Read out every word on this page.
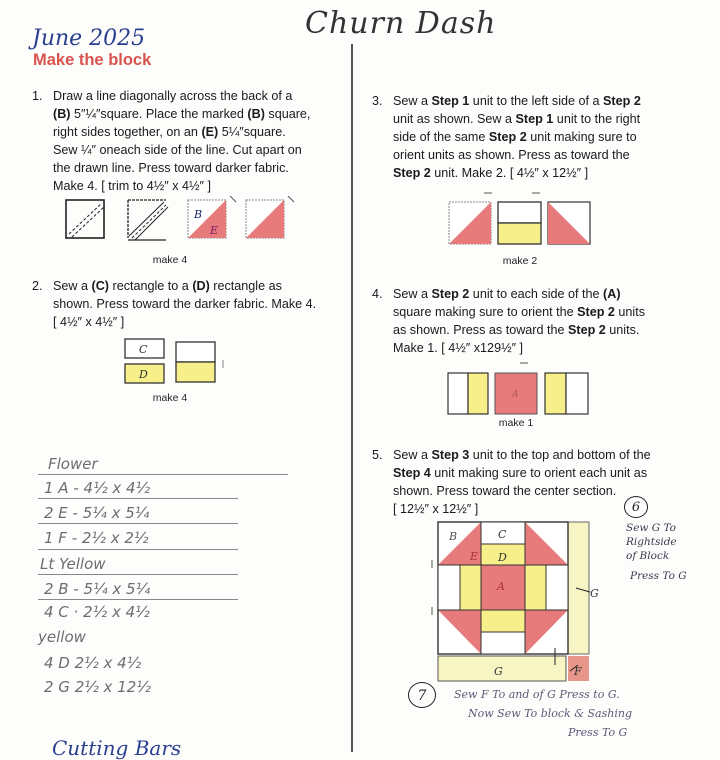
June 2025	Churn Dash
Make the block
1. Draw a line diagonally across the back of a
(B) 5″¼″square. Place the marked (B) square,
right sides together, on an (E) 5¼″square.
Sew ¼″ oneach side of the line. Cut apart on
the drawn line. Press toward darker fabric.
Make 4. [ trim to 4½″ x 4½″ ]
B
E
make 4
2. Sew a (C) rectangle to a (D) rectangle as
shown. Press toward the darker fabric. Make 4.
[ 4½″ x 4½″ ]
C
D
make 4
Flower
1 A - 4½ x 4½
2 E - 5¼ x 5¼
1 F - 2½ x 2½
Lt Yellow
2 B - 5¼ x 5¼
4 C · 2½ x 4½
yellow
4 D 2½ x 4½
2 G 2½ x 12½
Cutting Bars
3. Sew a Step 1 unit to the left side of a Step 2
unit as shown. Sew a Step 1 unit to the right
side of the same Step 2 unit making sure to
orient units as shown. Press as toward the
Step 2 unit. Make 2. [ 4½″ x 12½″ ]
make 2
4. Sew a Step 2 unit to each side of the (A)
square making sure to orient the Step 2 units
as shown. Press as toward the Step 2 units.
Make 1. [ 4½″ x129½″ ]
A
make 1
5. Sew a Step 3 unit to the top and bottom of the
Step 4 unit making sure to orient each unit as
shown. Press toward the center section.
[ 12½″ x 12½″ ]
B	C
E D
A
G
G	F
6
Sew G To
Rightside
of Block
Press To G
7	Sew F To and of G Press to G.
Now Sew To block & Sashing
Press To G
